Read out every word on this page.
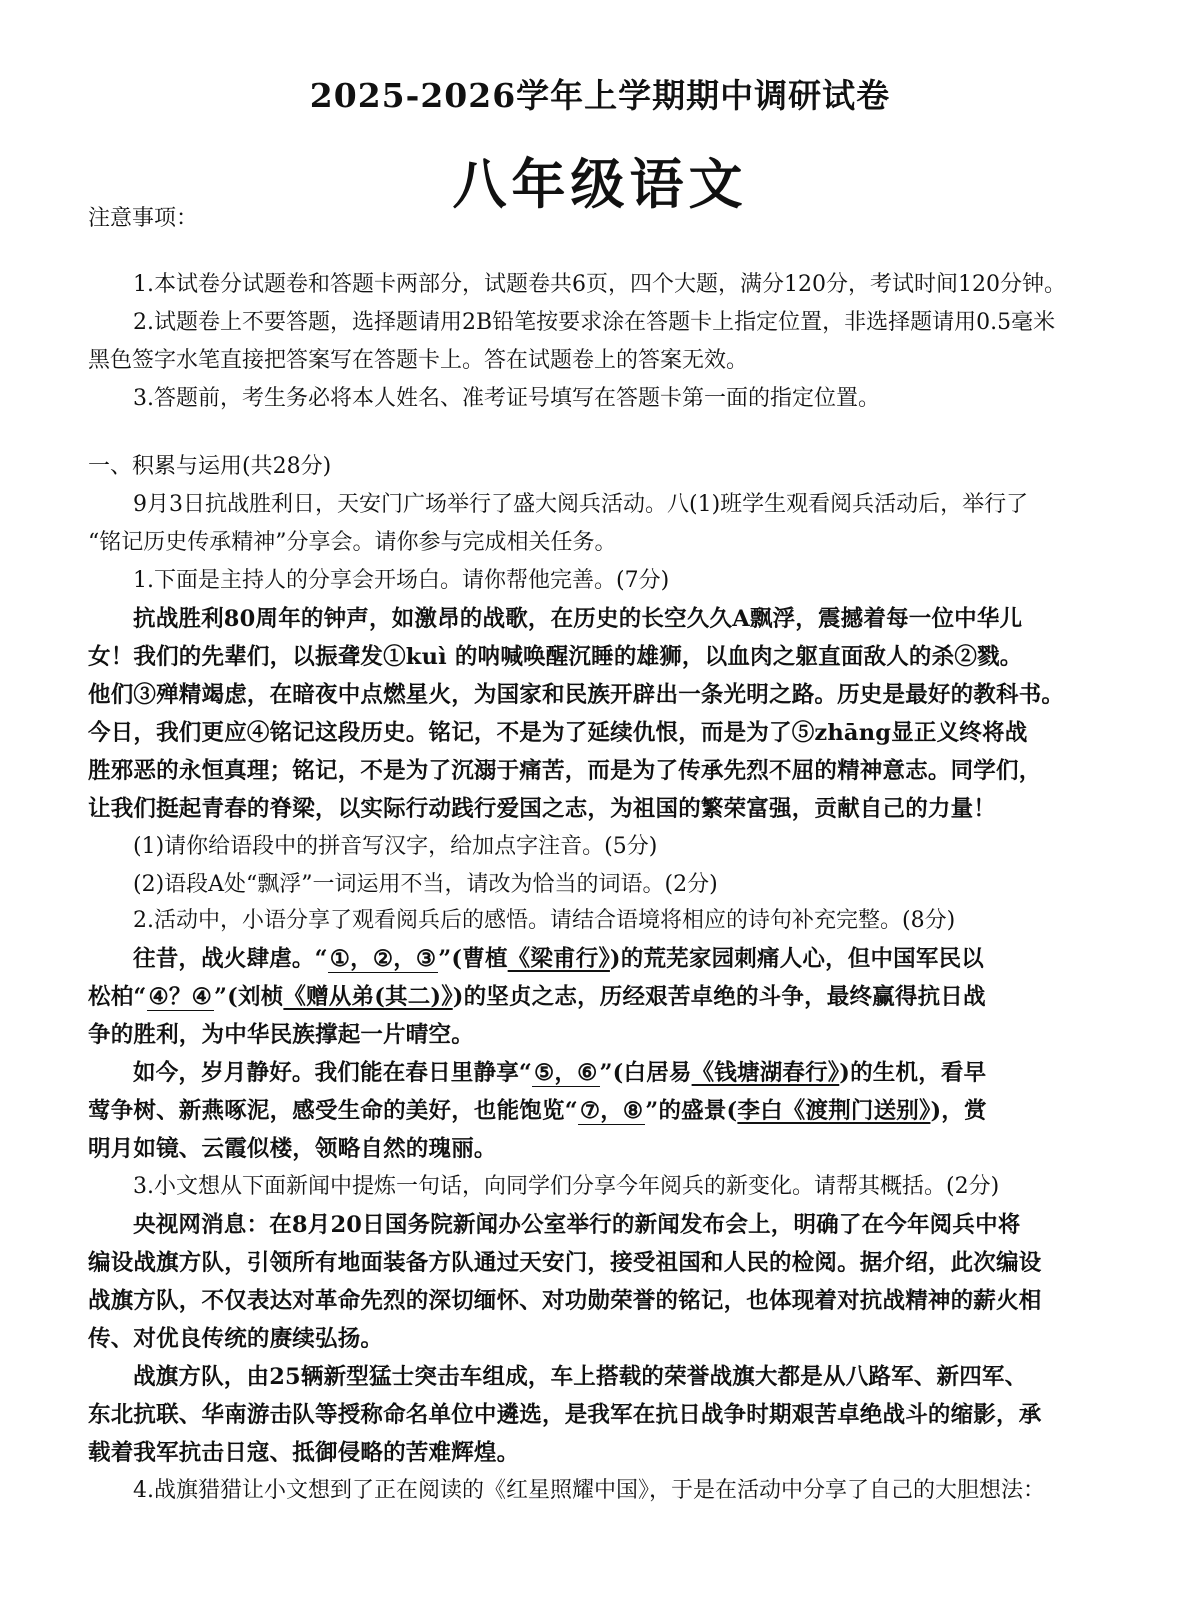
2025-2026学年上学期期中调研试卷
八年级语文
注意事项：
1.本试卷分试题卷和答题卡两部分，试题卷共6页，四个大题，满分120分，考试时间120分钟。
2.试题卷上不要答题，选择题请用2B铅笔按要求涂在答题卡上指定位置，非选择题请用0.5毫米
黑色签字水笔直接把答案写在答题卡上。答在试题卷上的答案无效。
3.答题前，考生务必将本人姓名、准考证号填写在答题卡第一面的指定位置。
一、积累与运用(共28分)
9月3日抗战胜利日，天安门广场举行了盛大阅兵活动。八(1)班学生观看阅兵活动后，举行了
“铭记历史传承精神”分享会。请你参与完成相关任务。
1.下面是主持人的分享会开场白。请你帮他完善。(7分)
抗战胜利80周年的钟声，如激昂的战歌，在历史的长空久久A飘浮，震撼着每一位中华儿
女！我们的先辈们，以振聋发①kuì 的呐喊唤醒沉睡的雄狮，以血肉之躯直面敌人的杀②戮。
他们③殚精竭虑，在暗夜中点燃星火，为国家和民族开辟出一条光明之路。历史是最好的教科书。
今日，我们更应④铭记这段历史。铭记，不是为了延续仇恨，而是为了⑤zhāng显正义终将战
胜邪恶的永恒真理；铭记，不是为了沉溺于痛苦，而是为了传承先烈不屈的精神意志。同学们，
让我们挺起青春的脊梁，以实际行动践行爱国之志，为祖国的繁荣富强，贡献自己的力量！
(1)请你给语段中的拼音写汉字，给加点字注音。(5分)
(2)语段A处“飘浮”一词运用不当，请改为恰当的词语。(2分)
2.活动中，小语分享了观看阅兵后的感悟。请结合语境将相应的诗句补充完整。(8分)
往昔，战火肆虐。“①，②，③”(曹植《梁甫行》)的荒芜家园刺痛人心，但中国军民以
松柏“④？④”(刘桢《赠从弟(其二)》)的坚贞之志，历经艰苦卓绝的斗争，最终赢得抗日战
争的胜利，为中华民族撑起一片晴空。
如今，岁月静好。我们能在春日里静享“⑤，⑥”(白居易《钱塘湖春行》)的生机，看早
莺争树、新燕啄泥，感受生命的美好，也能饱览“⑦，⑧”的盛景(李白《渡荆门送别》)，赏
明月如镜、云霞似楼，领略自然的瑰丽。
3.小文想从下面新闻中提炼一句话，向同学们分享今年阅兵的新变化。请帮其概括。(2分)
央视网消息：在8月20日国务院新闻办公室举行的新闻发布会上，明确了在今年阅兵中将
编设战旗方队，引领所有地面装备方队通过天安门，接受祖国和人民的检阅。据介绍，此次编设
战旗方队，不仅表达对革命先烈的深切缅怀、对功勋荣誉的铭记，也体现着对抗战精神的薪火相
传、对优良传统的赓续弘扬。
战旗方队，由25辆新型猛士突击车组成，车上搭载的荣誉战旗大都是从八路军、新四军、
东北抗联、华南游击队等授称命名单位中遴选，是我军在抗日战争时期艰苦卓绝战斗的缩影，承
载着我军抗击日寇、抵御侵略的苦难辉煌。
4.战旗猎猎让小文想到了正在阅读的《红星照耀中国》，于是在活动中分享了自己的大胆想法：
